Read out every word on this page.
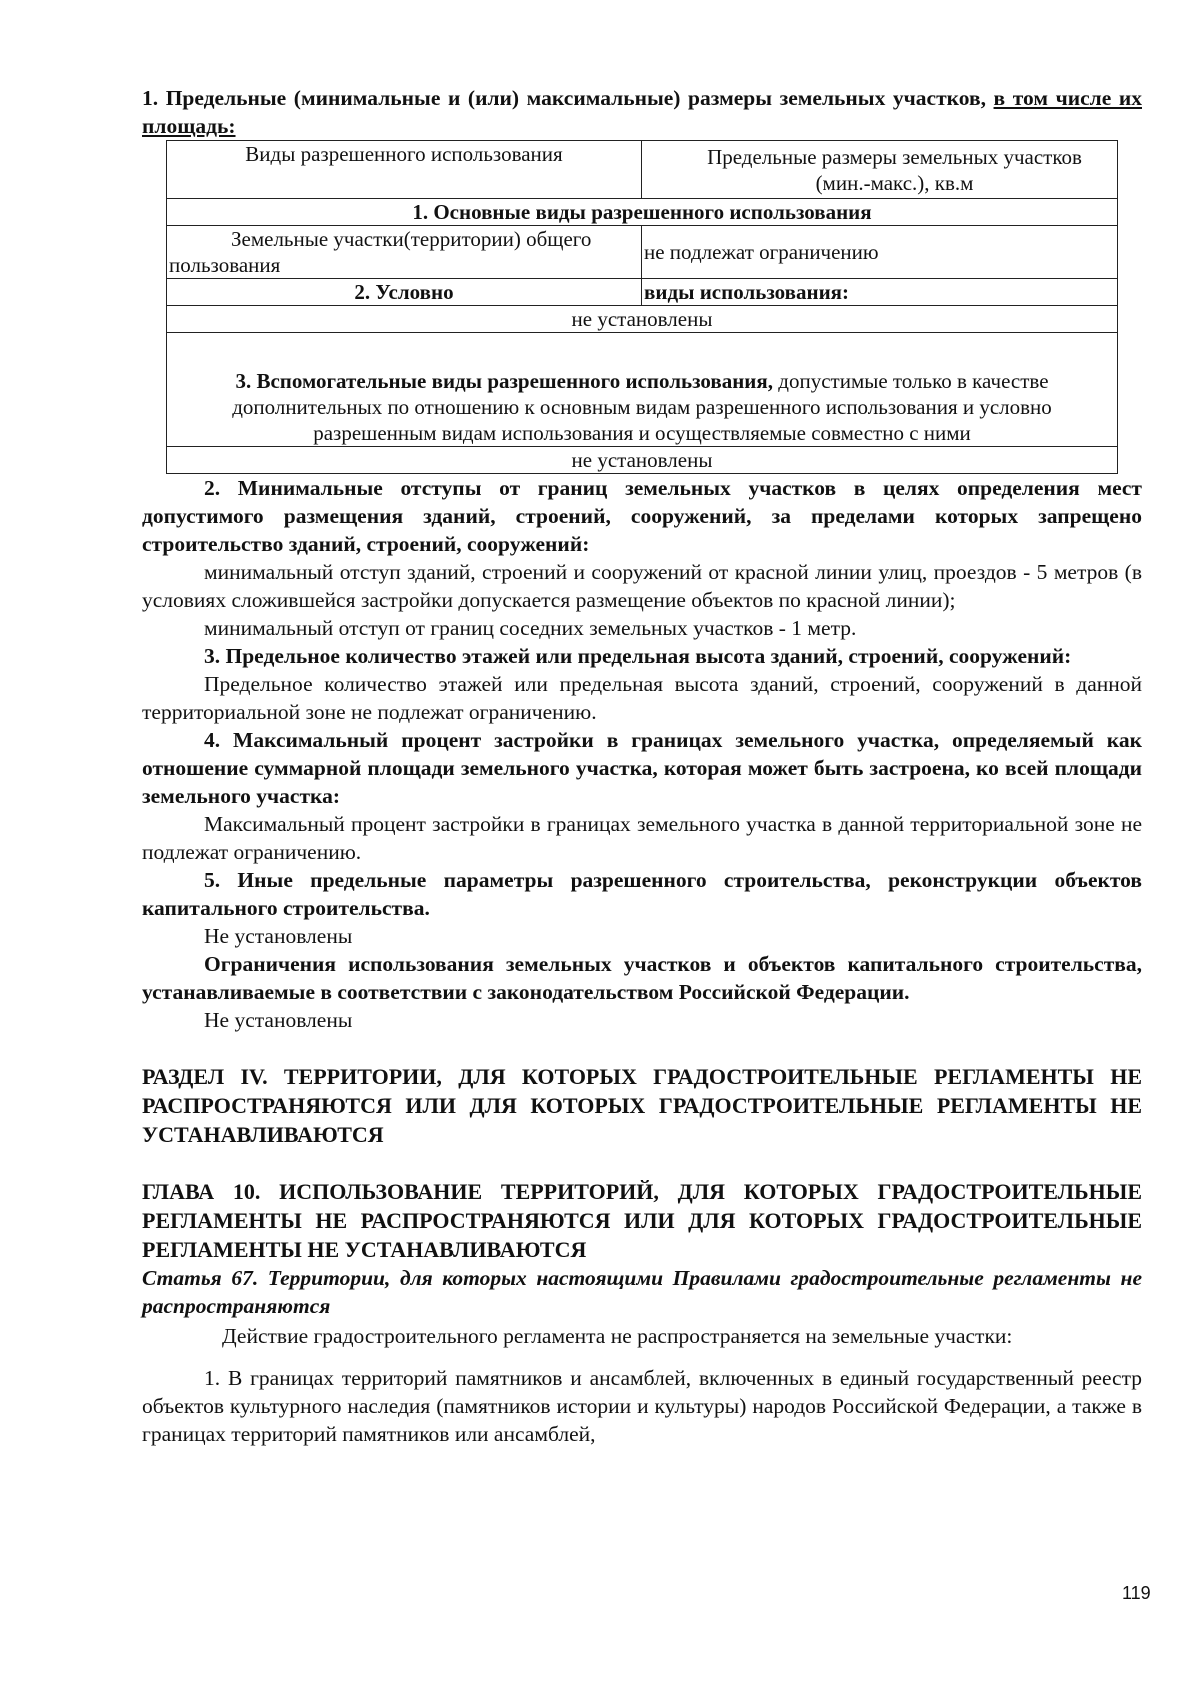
1. Предельные (минимальные и (или) максимальные) размеры земельных участков, в том числе их площадь:

Виды разрешенного использования	Предельные размеры земельных участков (мин.-макс.), кв.м
1. Основные виды разрешенного использования	
Земельные участки(территории) общего пользования	не подлежат ограничению
2. Условно	виды использования:
не установлены	
3. Вспомогательные виды разрешенного использования, допустимые только в качестве дополнительных по отношению к основным видам разрешенного использования и условно разрешенным видам использования и осуществляемые совместно с ними	
не установлены	

2. Минимальные отступы от границ земельных участков в целях определения мест допустимого размещения зданий, строений, сооружений, за пределами которых запрещено строительство зданий, строений, сооружений:

минимальный отступ зданий, строений и сооружений от красной линии улиц, проездов - 5 метров (в условиях сложившейся застройки допускается размещение объектов по красной линии);

минимальный отступ от границ соседних земельных участков - 1 метр.

3. Предельное количество этажей или предельная высота зданий, строений, сооружений:

Предельное количество этажей или предельная высота зданий, строений, сооружений в данной территориальной зоне не подлежат ограничению.

4. Максимальный процент застройки в границах земельного участка, определяемый как отношение суммарной площади земельного участка, которая может быть застроена, ко всей площади земельного участка:

Максимальный процент застройки в границах земельного участка в данной территориальной зоне не подлежат ограничению.

5. Иные предельные параметры разрешенного строительства, реконструкции объектов капитального строительства.

Не установлены

Ограничения использования земельных участков и объектов капитального строительства, устанавливаемые в соответствии с законодательством Российской Федерации.

Не установлены

РАЗДЕЛ IV. ТЕРРИТОРИИ, ДЛЯ КОТОРЫХ ГРАДОСТРОИТЕЛЬНЫЕ РЕГЛАМЕНТЫ НЕ РАСПРОСТРАНЯЮТСЯ ИЛИ ДЛЯ КОТОРЫХ ГРАДОСТРОИТЕЛЬНЫЕ РЕГЛАМЕНТЫ НЕ УСТАНАВЛИВАЮТСЯ

ГЛАВА 10. ИСПОЛЬЗОВАНИЕ ТЕРРИТОРИЙ, ДЛЯ КОТОРЫХ ГРАДОСТРОИТЕЛЬНЫЕ РЕГЛАМЕНТЫ НЕ РАСПРОСТРАНЯЮТСЯ ИЛИ ДЛЯ КОТОРЫХ ГРАДОСТРОИТЕЛЬНЫЕ РЕГЛАМЕНТЫ НЕ УСТАНАВЛИВАЮТСЯ

Статья 67. Территории, для которых настоящими Правилами градостроительные регламенты не распространяются

Действие градостроительного регламента не распространяется на земельные участки:

1. В границах территорий памятников и ансамблей, включенных в единый государственный реестр объектов культурного наследия (памятников истории и культуры) народов Российской Федерации, а также в границах территорий памятников или ансамблей,

119
